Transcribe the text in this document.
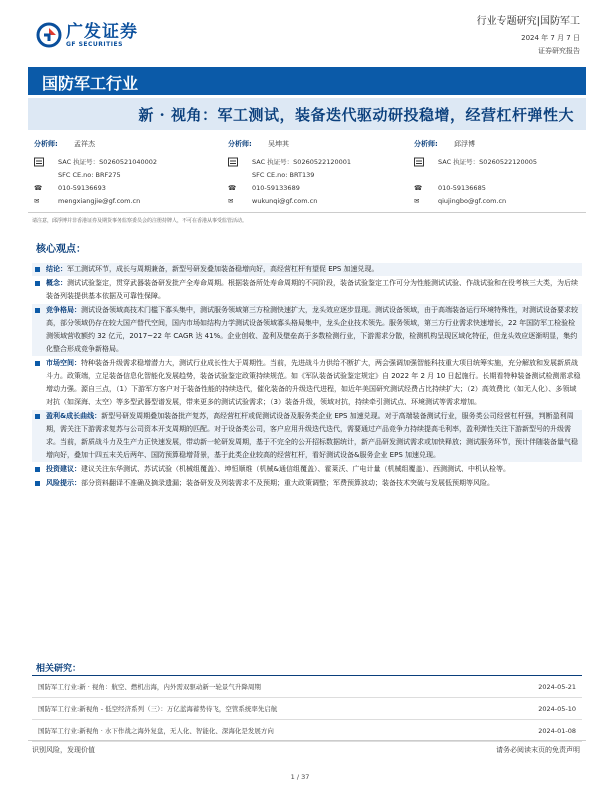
广发证券
GF SECURITIES
行业专题研究|国防军工
2024 年 7 月 7 日
证券研究报告
国防军工行业
新 · 视角：军工测试，装备迭代驱动研投稳增，经营杠杆弹性大
分析师:	孟祥杰
SAC 执证号：S0260521040002
SFC CE.no: BRF275
☎	010-59136693
✉	mengxiangjie@gf.com.cn
分析师:	吴坤其
SAC 执证号：S0260522120001
SFC CE.no: BRT139
☎	010-59133689
✉	wukunqi@gf.com.cn
分析师:	邱浮博
SAC 执证号：S0260522120005
☎	010-59136685
✉	qiujingbo@gf.com.cn
请注意，邱浮博并非香港证券及期货事务监察委员会的注册持牌人，不可在香港从事受监管活动。
核心观点：
结论：军工测试环节，成长与周期兼备，新型号研发叠加装备稳增向好，高经营杠杆有望促 EPS 加速兑现。
概念：测试试验鉴定，贯穿武器装备研发批产全寿命周期。根据装备所处寿命周期的不同阶段，装备试验鉴定工作可分为性能测试试验、作战试验和在役考核三大类，为后续装备列装提供基本依据及可靠性保障。
竞争格局：测试设备领域高技术门槛下寡头集中，测试服务领域第三方检测快速扩大，龙头效应逐步显现。测试设备领域，由于高端装备运行环境特殊性，对测试设备要求较高，部分领域仍存在较大国产替代空间，国内市场如结构力学测试设备领域寡头格局集中，龙头企业技术领先。服务领域，第三方行业需求快速增长，22 年国防军工检验检测领域营收额约 32 亿元，2017~22 年 CAGR 达 41%。企业创收、盈利及壁垒高于多数检测行业，下游需求分散，检测机构呈现区域化特征，但龙头效应逐渐明显，集约化整合形成竞争新格局。
市场空间：特种装备升级需求稳增潜力大，测试行业成长性大于周期性。当前，先进战斗力供给不断扩大，两会强调加强智能科技重大项目统筹实施，充分解放和发展新质战斗力。政策端，立足装备信息化智能化发展趋势，装备试验鉴定政策持续规范。如《军队装备试验鉴定规定》自 2022 年 2 月 10 日起施行。长期看特种装备测试检测需求稳增动力强。源自三点，（1）下游军方客户对于装备性能的持续迭代，催化装备的升级迭代进程，如近年美国研究测试经费占比持续扩大；（2）高效费比（如无人化）、多领域对抗（如深海、太空）等多型武器型谱发展，带来更多的测试试验需求；（3）装备升级，领域对抗，持续牵引测试点、环境测试等需求增加。
盈利&成长曲线：新型号研发周期叠加装备批产复苏，高经营杠杆或促测试设备及服务类企业 EPS 加速兑现。对于高端装备测试行业，服务类公司经营杠杆强，判断盈利周期，需关注下游需求复苏与公司资本开支周期的匹配。对于设备类公司，客户应用升级迭代迭代，需要通过产品竞争力持续提高毛利率，盈利弹性关注下游新型号的升级需求。当前，新质战斗力及生产力正快速发展，带动新一轮研发周期，基于不完全的公开招标数据统计，新产品研发测试需求或加快释放；测试服务环节，预计伴随装备量气稳增向好，叠加十四五末关后两年、国防预算稳增背景，基于此类企业较高的经营杠杆，看好测试设备&服务企业 EPS 加速兑现。
投资建议：建议关注东华测试、苏试试验（机械组覆盖）、坤恒顺维（机械&通信组覆盖）、霍莱沃、广电计量（机械组覆盖）、西测测试、中机认检等。
风险提示：部分资料翻译不准确及摘录遗漏；装备研发及列装需求不及预期；重大政策调整；军费预算波动；装备技术突破与发展低预期等风险。
相关研究：
国防军工行业:新 · 视角：航空、燃机出海，内外需双驱动新一轮景气升降周期	2024-05-21
国防军工行业:新视角 - 低空经济系列（三）：万亿蓝海蓄势待飞，空管系统率先启航	2024-05-10
国防军工行业:新视角 · 水下作战之海外复盘，无人化、智能化、深海化是发展方向	2024-01-08
识别风险，发现价值	请务必阅读末页的免责声明
1 / 37
